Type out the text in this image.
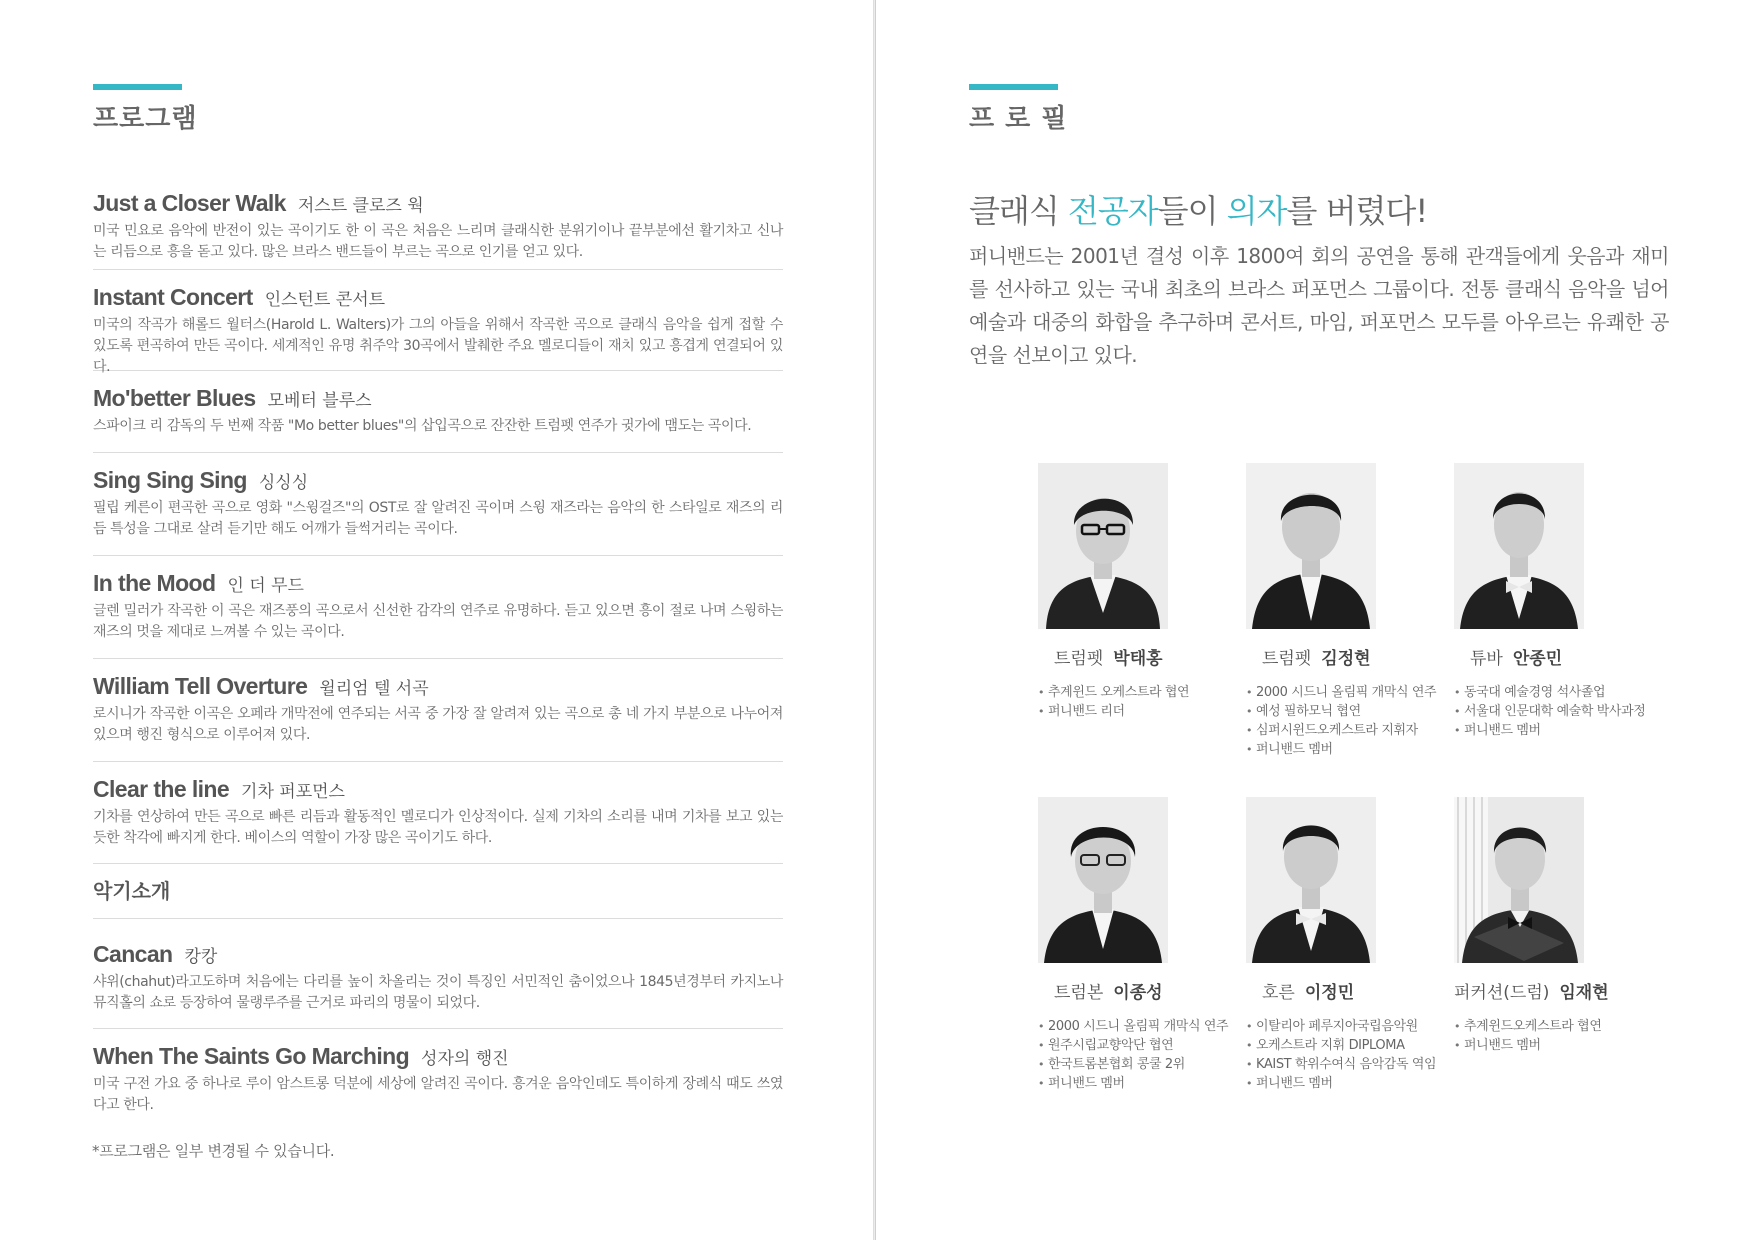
프로그램
Just a Closer Walk 저스트 클로즈 웍
미국 민요로 음악에 반전이 있는 곡이기도 한 이 곡은 처음은 느리며 클래식한 분위기이나 끝부분에선 활기차고 신나는 리듬으로 흥을 돋고 있다. 많은 브라스 밴드들이 부르는 곡으로 인기를 얻고 있다.
Instant Concert 인스턴트 콘서트
미국의 작곡가 해롤드 월터스(Harold L. Walters)가 그의 아들을 위해서 작곡한 곡으로 클래식 음악을 쉽게 접할 수 있도록 편곡하여 만든 곡이다. 세계적인 유명 취주악 30곡에서 발췌한 주요 멜로디들이 재치 있고 흥겹게 연결되어 있다.
Mo'better Blues 모베터 블루스
스파이크 리 감독의 두 번째 작품 "Mo better blues"의 삽입곡으로 잔잔한 트럼펫 연주가 귓가에 맴도는 곡이다.
Sing Sing Sing 싱싱싱
필립 케른이 편곡한 곡으로 영화 "스윙걸즈"의 OST로 잘 알려진 곡이며 스윙 재즈라는 음악의 한 스타일로 재즈의 리듬 특성을 그대로 살려 듣기만 해도 어깨가 들썩거리는 곡이다.
In the Mood 인 더 무드
글렌 밀러가 작곡한 이 곡은 재즈풍의 곡으로서 신선한 감각의 연주로 유명하다. 듣고 있으면 흥이 절로 나며 스윙하는 재즈의 멋을 제대로 느껴볼 수 있는 곡이다.
William Tell Overture 윌리엄 텔 서곡
로시니가 작곡한 이곡은 오페라 개막전에 연주되는 서곡 중 가장 잘 알려져 있는 곡으로 총 네 가지 부분으로 나누어져 있으며 행진 형식으로 이루어져 있다.
Clear the line 기차 퍼포먼스
기차를 연상하여 만든 곡으로 빠른 리듬과 활동적인 멜로디가 인상적이다. 실제 기차의 소리를 내며 기차를 보고 있는 듯한 착각에 빠지게 한다. 베이스의 역할이 가장 많은 곡이기도 하다.
악기소개
Cancan 캉캉
샤위(chahut)라고도하며 처음에는 다리를 높이 차올리는 것이 특징인 서민적인 춤이었으나 1845년경부터 카지노나 뮤직홀의 쇼로 등장하여 물랭루주를 근거로 파리의 명물이 되었다.
When The Saints Go Marching 성자의 행진
미국 구전 가요 중 하나로 루이 암스트롱 덕분에 세상에 알려진 곡이다. 흥겨운 음악인데도 특이하게 장례식 때도 쓰였다고 한다.
*프로그램은 일부 변경될 수 있습니다.
프 로 필
클래식 전공자들이 의자를 버렸다!

퍼니밴드는 2001년 결성 이후 1800여 회의 공연을 통해 관객들에게 웃음과 재미를 선사하고 있는 국내 최초의 브라스 퍼포먼스 그룹이다. 전통 클래식 음악을 넘어 예술과 대중의 화합을 추구하며 콘서트, 마임, 퍼포먼스 모두를 아우르는 유쾌한 공연을 선보이고 있다.

트럼펫 박태홍
• 추계윈드 오케스트라 협연
• 퍼니밴드 리더
트럼펫 김정현
• 2000 시드니 올림픽 개막식 연주
• 예성 필하모닉 협연
• 심퍼시윈드오케스트라 지휘자
• 퍼니밴드 멤버
튜바 안종민
• 동국대 예술경영 석사졸업
• 서울대 인문대학 예술학 박사과정
• 퍼니밴드 멤버
트럼본 이종성
• 2000 시드니 올림픽 개막식 연주
• 원주시립교향악단 협연
• 한국트롬본협회 콩쿨 2위
• 퍼니밴드 멤버
호른 이정민
• 이탈리아 페루지아국립음악원
• 오케스트라 지휘 DIPLOMA
• KAIST 학위수여식 음악감독 역임
• 퍼니밴드 멤버
퍼커션(드럼) 임재현
• 추계윈드오케스트라 협연
• 퍼니밴드 멤버
